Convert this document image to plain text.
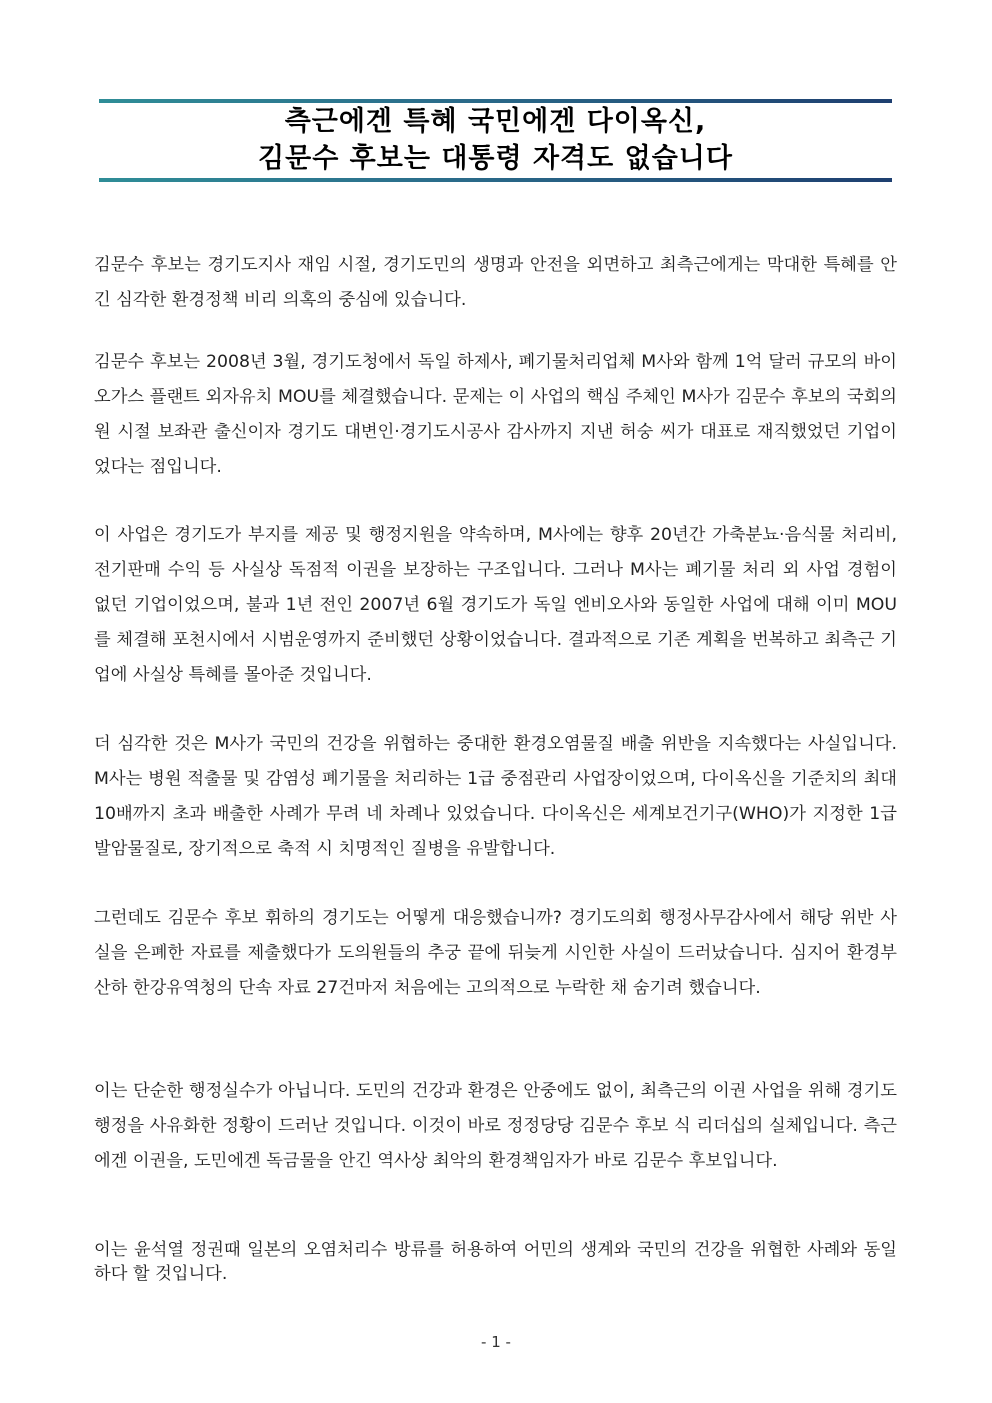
측근에겐 특혜 국민에겐 다이옥신,
김문수 후보는 대통령 자격도 없습니다
김문수 후보는 경기도지사 재임 시절, 경기도민의 생명과 안전을 외면하고 최측근에게는 막대한 특혜를 안긴 심각한 환경정책 비리 의혹의 중심에 있습니다.
김문수 후보는 2008년 3월, 경기도청에서 독일 하제사, 폐기물처리업체 M사와 함께 1억 달러 규모의 바이오가스 플랜트 외자유치 MOU를 체결했습니다. 문제는 이 사업의 핵심 주체인 M사가 김문수 후보의 국회의원 시절 보좌관 출신이자 경기도 대변인·경기도시공사 감사까지 지낸 허숭 씨가 대표로 재직했었던 기업이었다는 점입니다.
이 사업은 경기도가 부지를 제공 및 행정지원을 약속하며, M사에는 향후 20년간 가축분뇨·음식물 처리비, 전기판매 수익 등 사실상 독점적 이권을 보장하는 구조입니다. 그러나 M사는 폐기물 처리 외 사업 경험이 없던 기업이었으며, 불과 1년 전인 2007년 6월 경기도가 독일 엔비오사와 동일한 사업에 대해 이미 MOU를 체결해 포천시에서 시범운영까지 준비했던 상황이었습니다. 결과적으로 기존 계획을 번복하고 최측근 기업에 사실상 특혜를 몰아준 것입니다.
더 심각한 것은 M사가 국민의 건강을 위협하는 중대한 환경오염물질 배출 위반을 지속했다는 사실입니다. M사는 병원 적출물 및 감염성 폐기물을 처리하는 1급 중점관리 사업장이었으며, 다이옥신을 기준치의 최대 10배까지 초과 배출한 사례가 무려 네 차례나 있었습니다. 다이옥신은 세계보건기구(WHO)가 지정한 1급 발암물질로, 장기적으로 축적 시 치명적인 질병을 유발합니다.
그런데도 김문수 후보 휘하의 경기도는 어떻게 대응했습니까? 경기도의회 행정사무감사에서 해당 위반 사실을 은폐한 자료를 제출했다가 도의원들의 추궁 끝에 뒤늦게 시인한 사실이 드러났습니다. 심지어 환경부 산하 한강유역청의 단속 자료 27건마저 처음에는 고의적으로 누락한 채 숨기려 했습니다.
이는 단순한 행정실수가 아닙니다. 도민의 건강과 환경은 안중에도 없이, 최측근의 이권 사업을 위해 경기도 행정을 사유화한 정황이 드러난 것입니다. 이것이 바로 정정당당 김문수 후보 식 리더십의 실체입니다. 측근에겐 이권을, 도민에겐 독금물을 안긴 역사상 최악의 환경책임자가 바로 김문수 후보입니다.
이는 윤석열 정권때 일본의 오염처리수 방류를 허용하여 어민의 생계와 국민의 건강을 위협한 사례와 동일하다 할 것입니다.
- 1 -
